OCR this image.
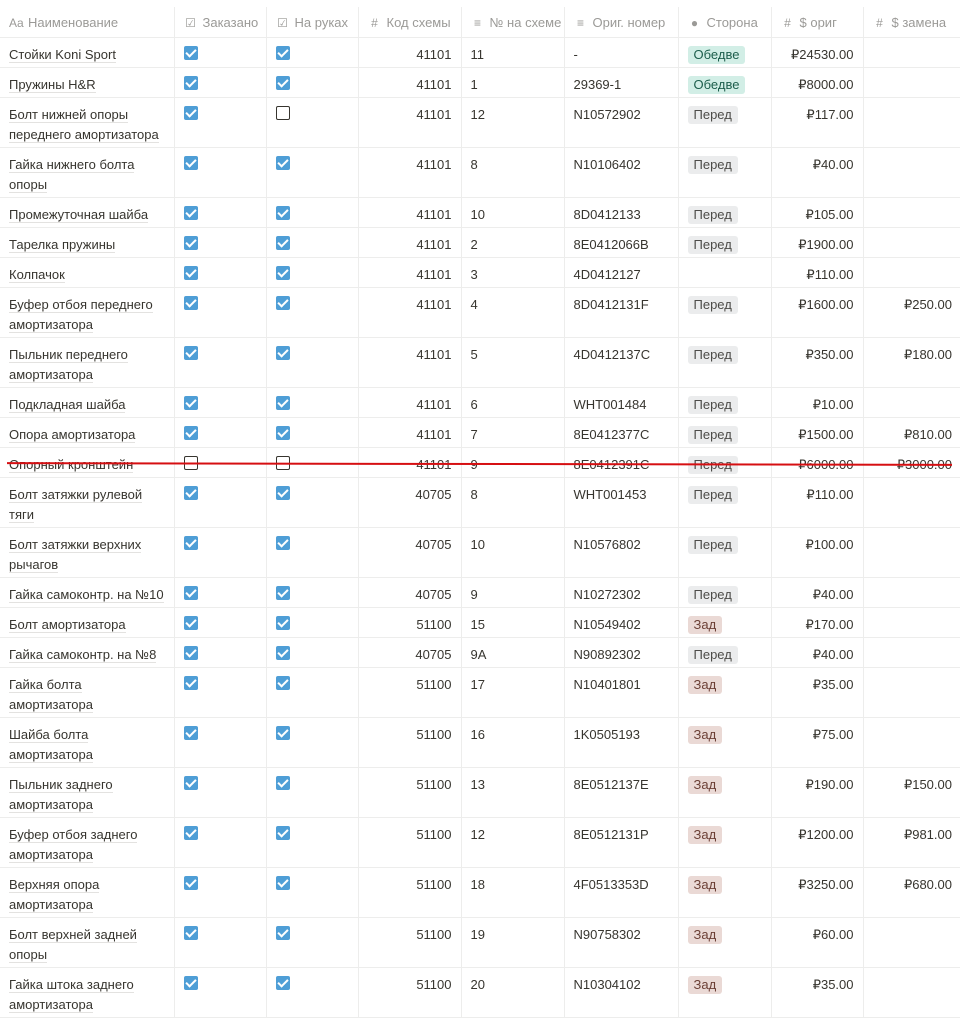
Aa Наименование	☑ Заказано	☑ На руках	# Код схемы	≡ № на схеме	≡ Ориг. номер	● Сторона	# $ ориг	# $ замена
Стойки Koni Sport			41101	11	-	Обедве	₽24530.00	
Пружины H&R			41101	1	29369-1	Обедве	₽8000.00	
Болт нижней опоры переднего амортизатора			41101	12	N10572902	Перед	₽117.00	
Гайка нижнего болта опоры			41101	8	N10106402	Перед	₽40.00	
Промежуточная шайба			41101	10	8D0412133	Перед	₽105.00	
Тарелка пружины			41101	2	8E0412066B	Перед	₽1900.00	
Колпачок			41101	3	4D0412127		₽110.00	
Буфер отбоя переднего амортизатора			41101	4	8D0412131F	Перед	₽1600.00	₽250.00
Пыльник переднего амортизатора			41101	5	4D0412137C	Перед	₽350.00	₽180.00
Подкладная шайба			41101	6	WHT001484	Перед	₽10.00	
Опора амортизатора			41101	7	8E0412377C	Перед	₽1500.00	₽810.00
Опорный кронштейн			41101	9	8E0412391C	Перед	₽6000.00	₽3000.00
Болт затяжки рулевой тяги			40705	8	WHT001453	Перед	₽110.00	
Болт затяжки верхних рычагов			40705	10	N10576802	Перед	₽100.00	
Гайка самоконтр. на №10			40705	9	N10272302	Перед	₽40.00	
Болт амортизатора			51100	15	N10549402	Зад	₽170.00	
Гайка самоконтр. на №8			40705	9A	N90892302	Перед	₽40.00	
Гайка болта амортизатора			51100	17	N10401801	Зад	₽35.00	
Шайба болта амортизатора			51100	16	1K0505193	Зад	₽75.00	
Пыльник заднего амортизатора			51100	13	8E0512137E	Зад	₽190.00	₽150.00
Буфер отбоя заднего амортизатора			51100	12	8E0512131P	Зад	₽1200.00	₽981.00
Верхняя опора амортизатора			51100	18	4F0513353D	Зад	₽3250.00	₽680.00
Болт верхней задней опоры			51100	19	N90758302	Зад	₽60.00	
Гайка штока заднего амортизатора			51100	20	N10304102	Зад	₽35.00	
